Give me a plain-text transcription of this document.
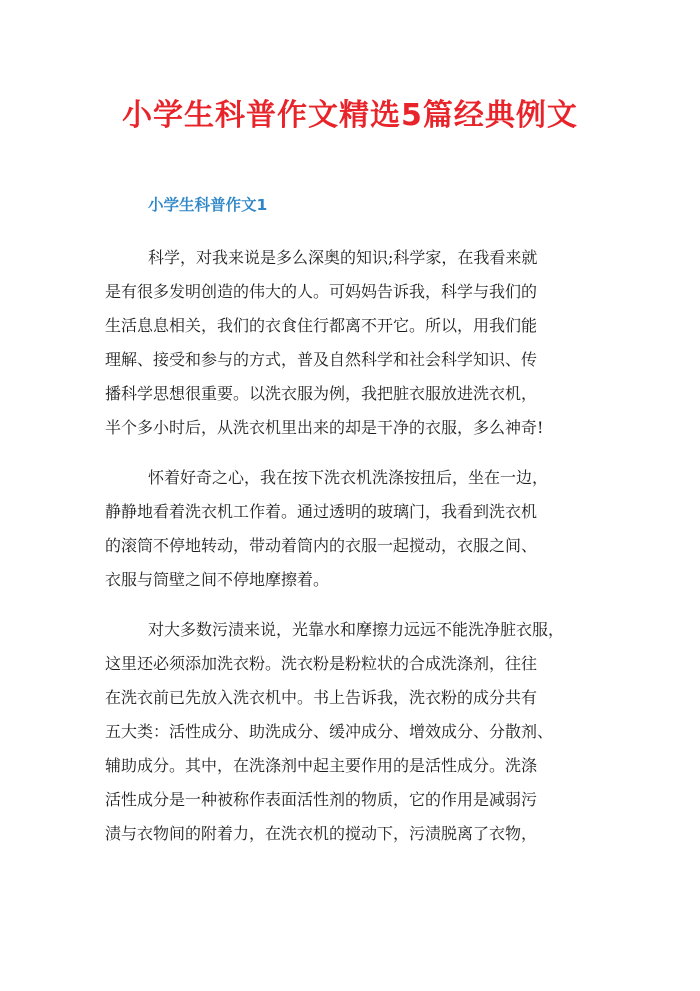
小学生科普作文精选5篇经典例文
小学生科普作文1
科学，对我来说是多么深奥的知识;科学家，在我看来就
是有很多发明创造的伟大的人。可妈妈告诉我，科学与我们的
生活息息相关，我们的衣食住行都离不开它。所以，用我们能
理解、接受和参与的方式，普及自然科学和社会科学知识、传
播科学思想很重要。以洗衣服为例，我把脏衣服放进洗衣机，
半个多小时后，从洗衣机里出来的却是干净的衣服，多么神奇!
怀着好奇之心，我在按下洗衣机洗涤按扭后，坐在一边，
静静地看着洗衣机工作着。通过透明的玻璃门，我看到洗衣机
的滚筒不停地转动，带动着筒内的衣服一起搅动，衣服之间、
衣服与筒壁之间不停地摩擦着。
对大多数污渍来说，光靠水和摩擦力远远不能洗净脏衣服，
这里还必须添加洗衣粉。洗衣粉是粉粒状的合成洗涤剂，往往
在洗衣前已先放入洗衣机中。书上告诉我，洗衣粉的成分共有
五大类：活性成分、助洗成分、缓冲成分、增效成分、分散剂、
辅助成分。其中，在洗涤剂中起主要作用的是活性成分。洗涤
活性成分是一种被称作表面活性剂的物质，它的作用是减弱污
渍与衣物间的附着力，在洗衣机的搅动下，污渍脱离了衣物，
